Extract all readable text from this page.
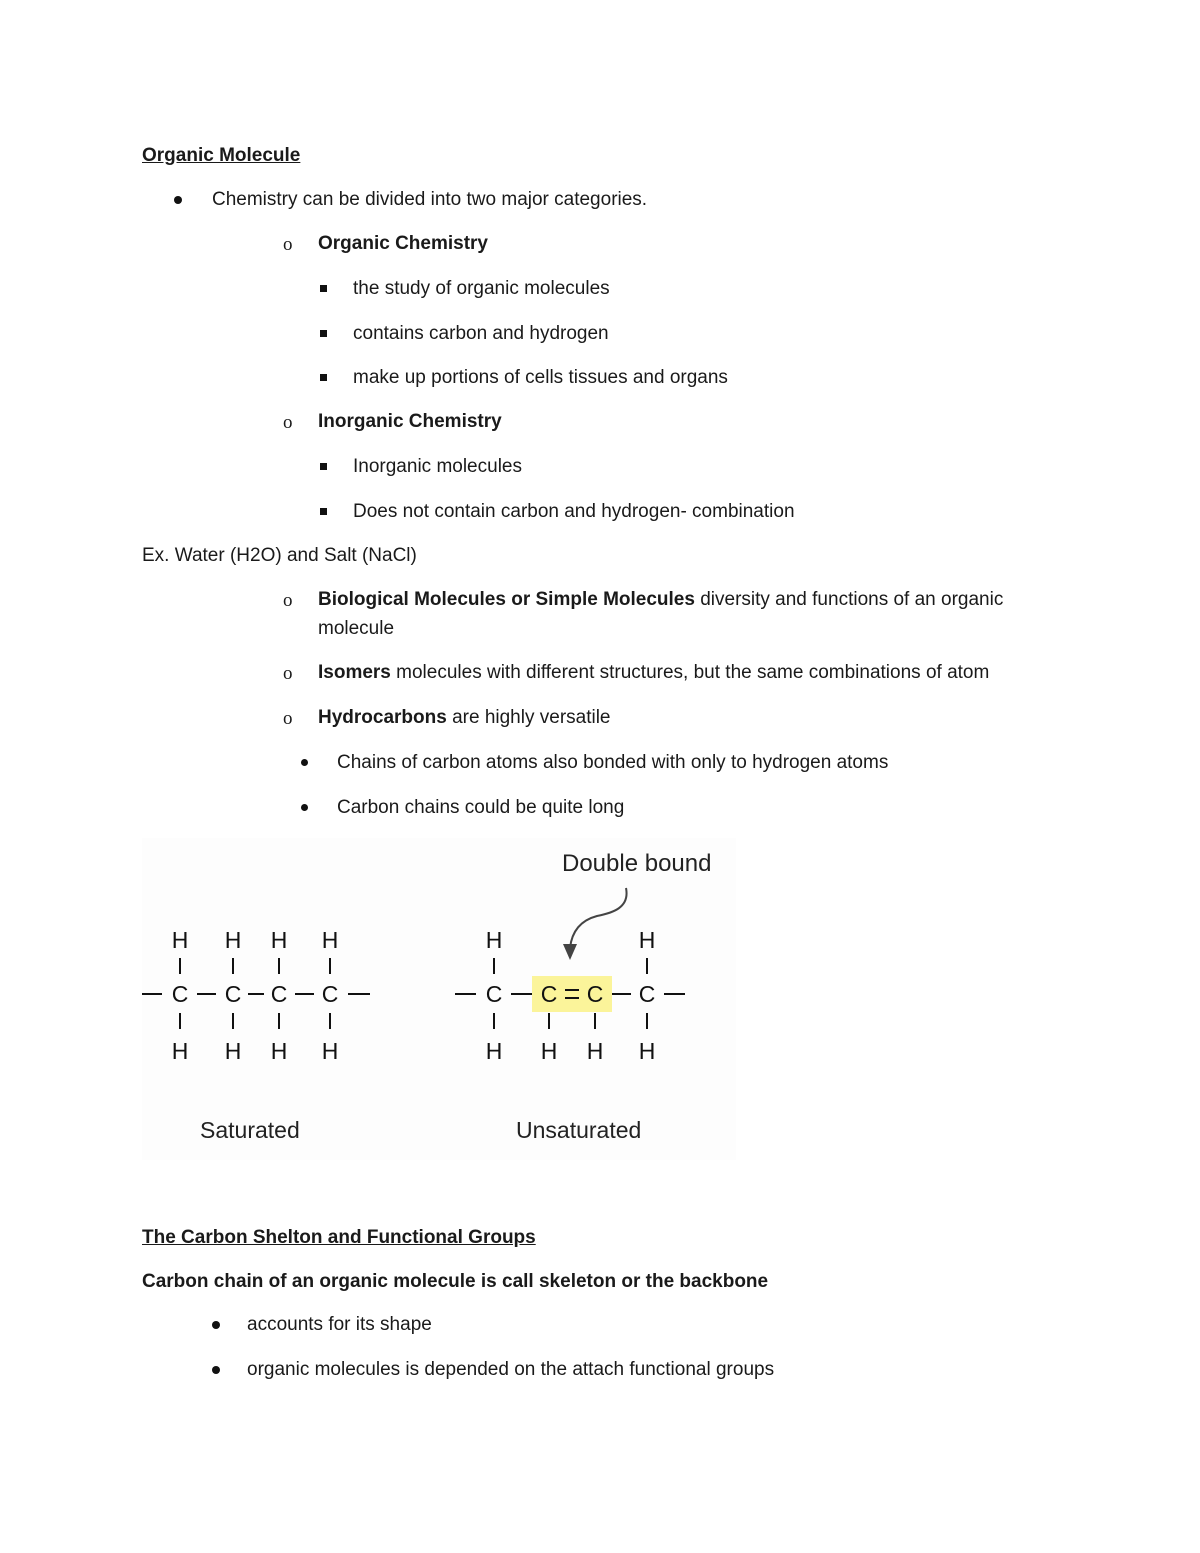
Organic Molecule
Chemistry can be divided into two major categories.
o Organic Chemistry
the study of organic molecules
contains carbon and hydrogen
make up portions of cells tissues and organs
o Inorganic Chemistry
Inorganic molecules
Does not contain carbon and hydrogen- combination
Ex. Water (H2O) and Salt (NaCl)
o Biological Molecules or Simple Molecules diversity and functions of an organic
molecule
o Isomers molecules with different structures, but the same combinations of atom
o Hydrocarbons are highly versatile
Chains of carbon atoms also bonded with only to hydrogen atoms
Carbon chains could be quite long
Double bound
H
C
H
H
C
H
H
C
H
H
C
H
H	H
C
H
C
H
C
H
C
H
Saturated	Unsaturated
The Carbon Shelton and Functional Groups
Carbon chain of an organic molecule is call skeleton or the backbone
accounts for its shape
organic molecules is depended on the attach functional groups
